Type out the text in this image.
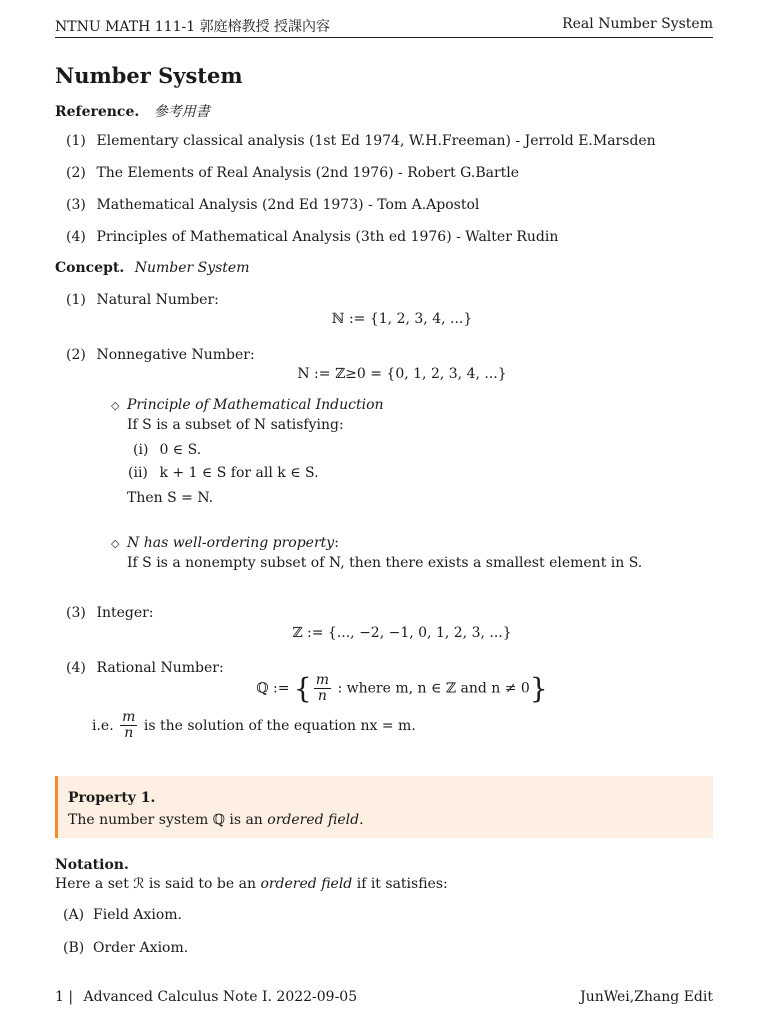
NTNU MATH 111-1 郭庭榕教授 授課內容	Real Number System
Number System
Reference. 參考用書
(1) Elementary classical analysis (1st Ed 1974, W.H.Freeman) - Jerrold E.Marsden
(2) The Elements of Real Analysis (2nd 1976) - Robert G.Bartle
(3) Mathematical Analysis (2nd Ed 1973) - Tom A.Apostol
(4) Principles of Mathematical Analysis (3th ed 1976) - Walter Rudin
Concept. Number System
(1) Natural Number:
ℕ := {1, 2, 3, 4, ...}
(2) Nonnegative Number:
N := ℤ≥0 = {0, 1, 2, 3, 4, ...}
◇ Principle of Mathematical Induction
If S is a subset of N satisfying:
(i) 0 ∈ S.
(ii) k + 1 ∈ S for all k ∈ S.
Then S = N.
◇ N has well-ordering property:
If S is a nonempty subset of N, then there exists a smallest element in S.
(3) Integer:
ℤ := {..., −2, −1, 0, 1, 2, 3, ...}
(4) Rational Number:
ℚ := { $\frac{m}{n}$ : where m, n ∈ ℤ and n ≠ 0}
i.e. $\frac{m}{n}$ is the solution of the equation nx = m.
Property 1.
The number system ℚ is an ordered field.
Notation.
Here a set ℛ is said to be an ordered field if it satisfies:
(A) Field Axiom.
(B) Order Axiom.
1 | Advanced Calculus Note I. 2022-09-05	JunWei,Zhang Edit
